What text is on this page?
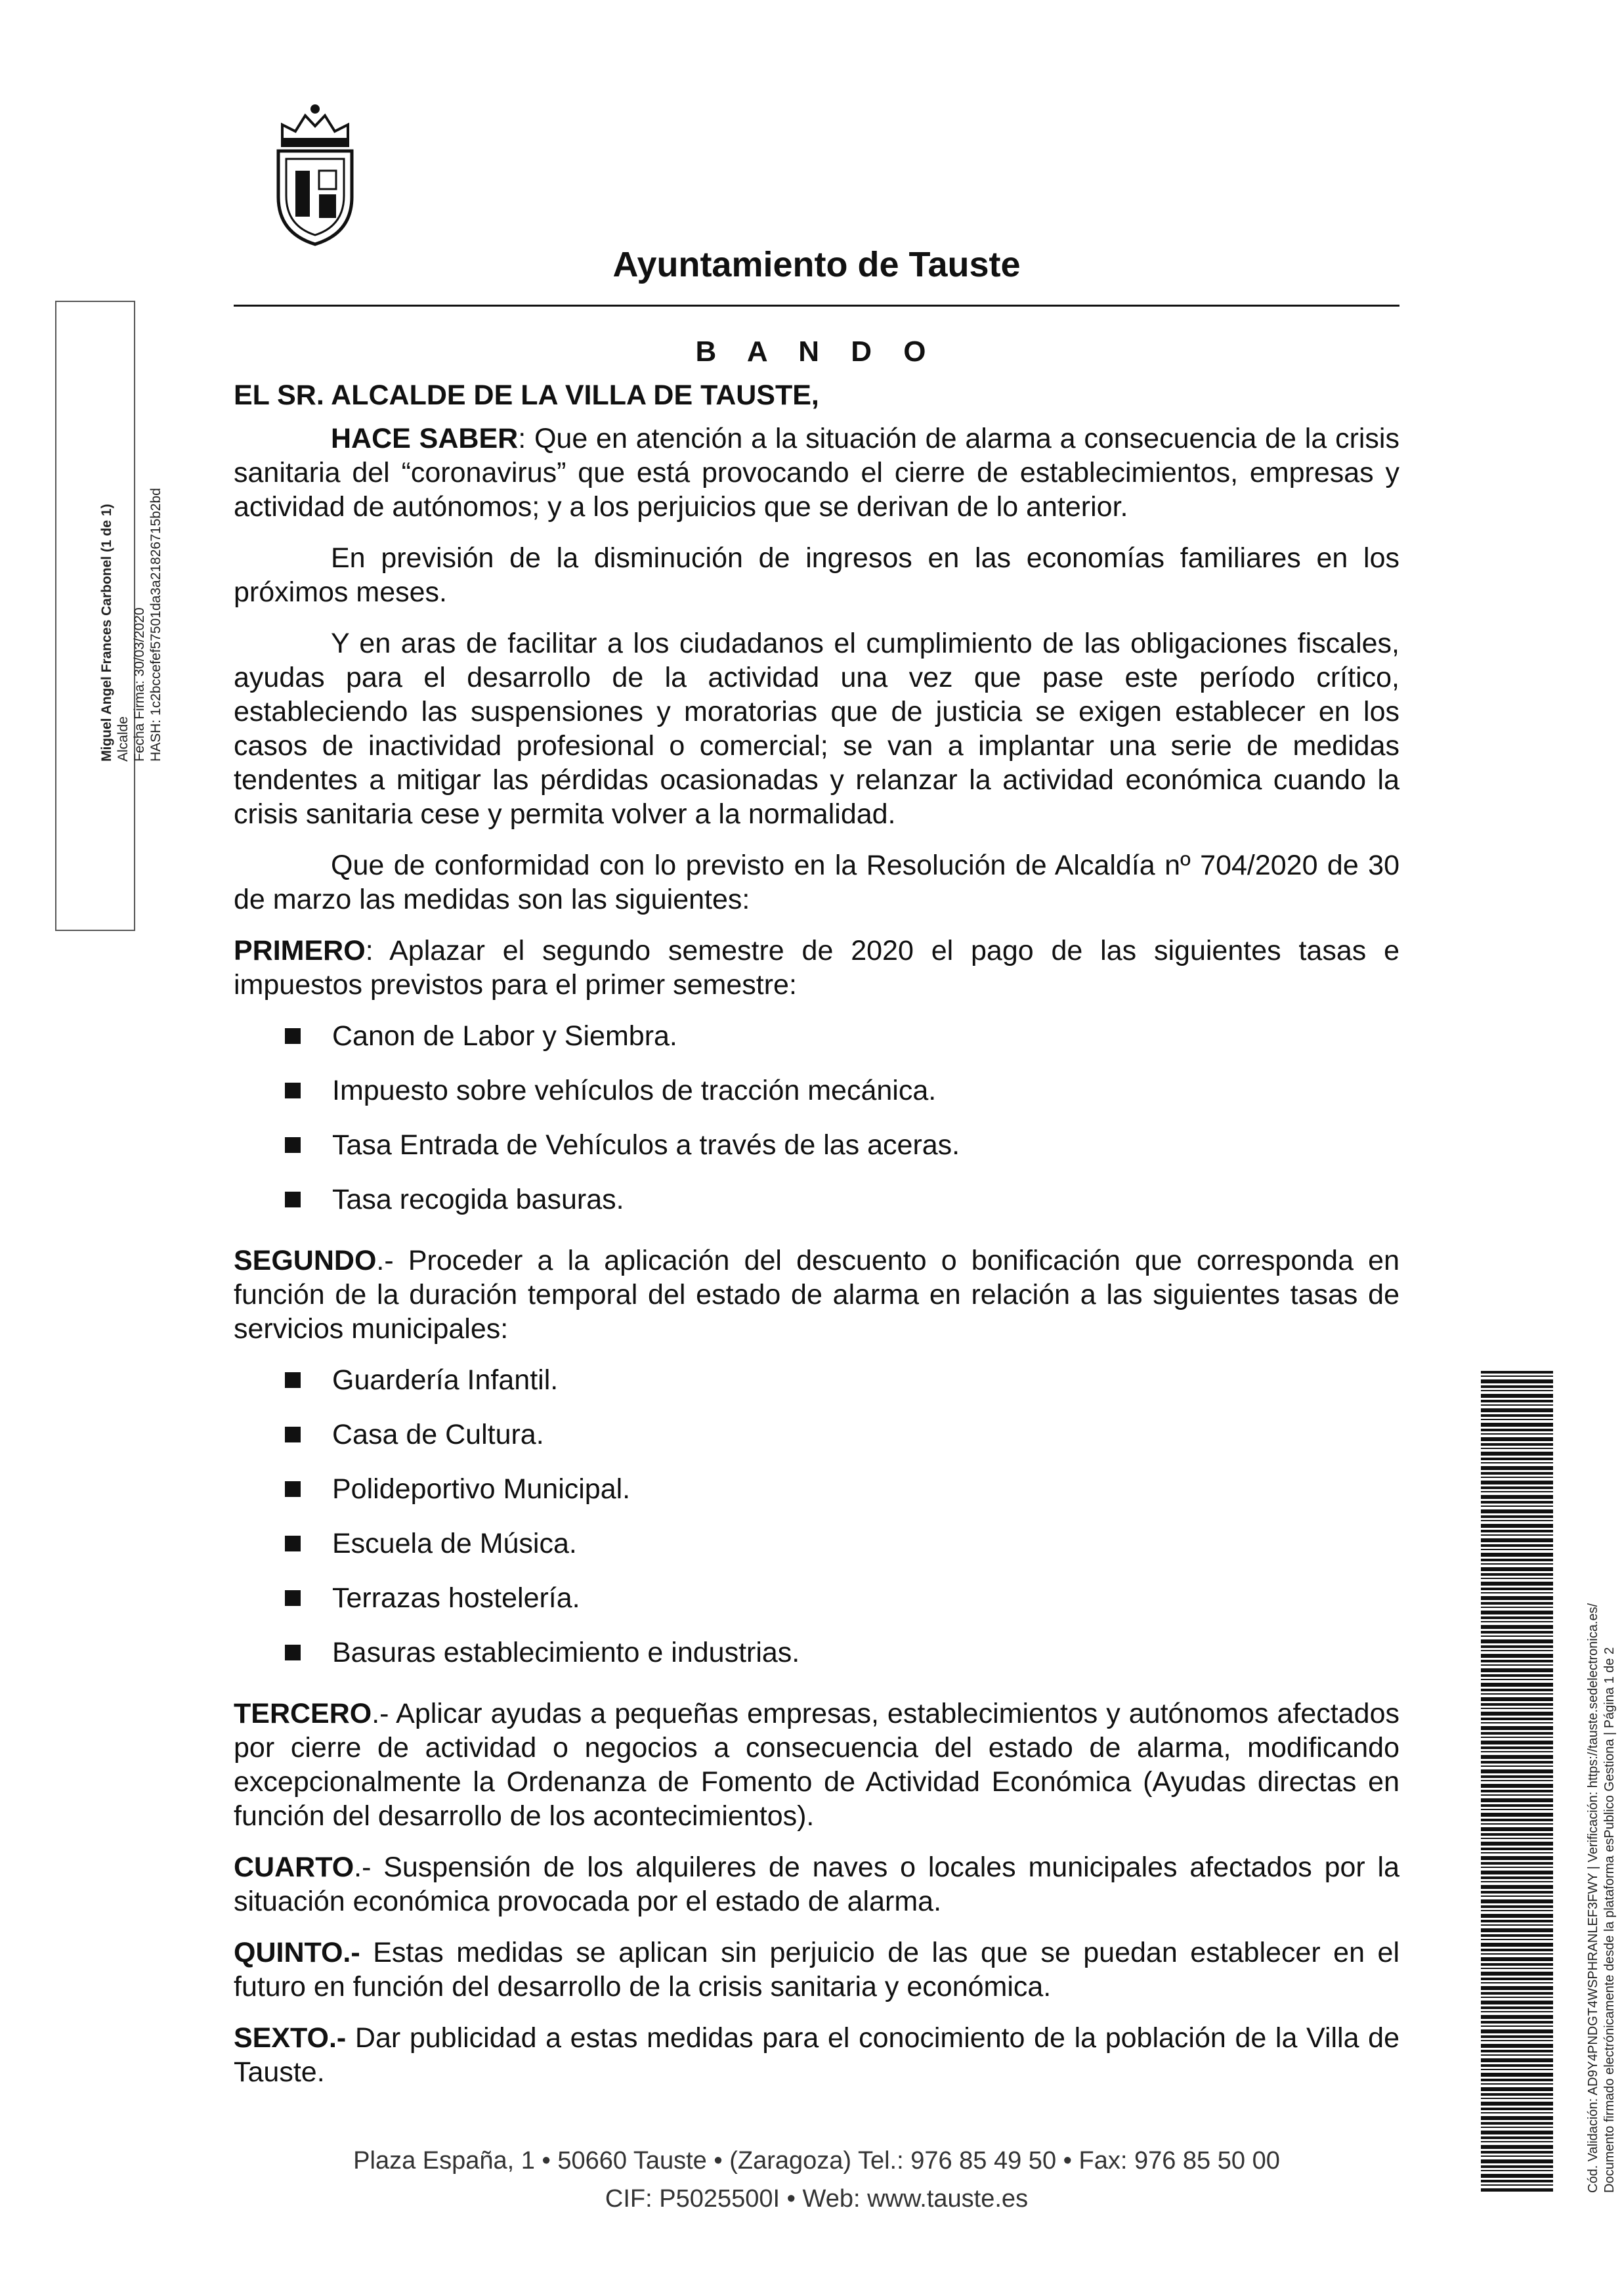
Ayuntamiento de Tauste
Miguel Angel Frances Carbonel (1 de 1) Alcalde Fecha Firma: 30/03/2020 HASH: 1c2bccefef57501da3a21826715b2bd
B A N D O
EL SR. ALCALDE DE LA VILLA DE TAUSTE,

HACE SABER: Que en atención a la situación de alarma a consecuencia de la crisis sanitaria del “coronavirus” que está provocando el cierre de establecimientos, empresas y actividad de autónomos; y a los perjuicios que se derivan de lo anterior.

En previsión de la disminución de ingresos en las economías familiares en los próximos meses.

Y en aras de facilitar a los ciudadanos el cumplimiento de las obligaciones fiscales, ayudas para el desarrollo de la actividad una vez que pase este período crítico, estableciendo las suspensiones y moratorias que de justicia se exigen establecer en los casos de inactividad profesional o comercial; se van a implantar una serie de medidas tendentes a mitigar las pérdidas ocasionadas y relanzar la actividad económica cuando la crisis sanitaria cese y permita volver a la normalidad.

Que de conformidad con lo previsto en la Resolución de Alcaldía nº 704/2020 de 30 de marzo las medidas son las siguientes:

PRIMERO: Aplazar el segundo semestre de 2020 el pago de las siguientes tasas e impuestos previstos para el primer semestre:

Canon de Labor y Siembra.
Impuesto sobre vehículos de tracción mecánica.
Tasa Entrada de Vehículos a través de las aceras.
Tasa recogida basuras.

SEGUNDO.- Proceder a la aplicación del descuento o bonificación que corresponda en función de la duración temporal del estado de alarma en relación a las siguientes tasas de servicios municipales:

Guardería Infantil.
Casa de Cultura.
Polideportivo Municipal.
Escuela de Música.
Terrazas hostelería.
Basuras establecimiento e industrias.

TERCERO.- Aplicar ayudas a pequeñas empresas, establecimientos y autónomos afectados por cierre de actividad o negocios a consecuencia del estado de alarma, modificando excepcionalmente la Ordenanza de Fomento de Actividad Económica (Ayudas directas en función del desarrollo de los acontecimientos).

CUARTO.- Suspensión de los alquileres de naves o locales municipales afectados por la situación económica provocada por el estado de alarma.

QUINTO.- Estas medidas se aplican sin perjuicio de las que se puedan establecer en el futuro en función del desarrollo de la crisis sanitaria y económica.

SEXTO.- Dar publicidad a estas medidas para el conocimiento de la población de la Villa de Tauste.

Plaza España, 1 • 50660 Tauste • (Zaragoza) Tel.: 976 85 49 50 • Fax: 976 85 50 00
CIF: P5025500I • Web: www.tauste.es
Cód. Validación: AD9Y4PNDGT4WSPHRANLEF3FWY | Verificación: https://tauste.sedelectronica.es/ Documento firmado electrónicamente desde la plataforma esPublico Gestiona | Página 1 de 2
